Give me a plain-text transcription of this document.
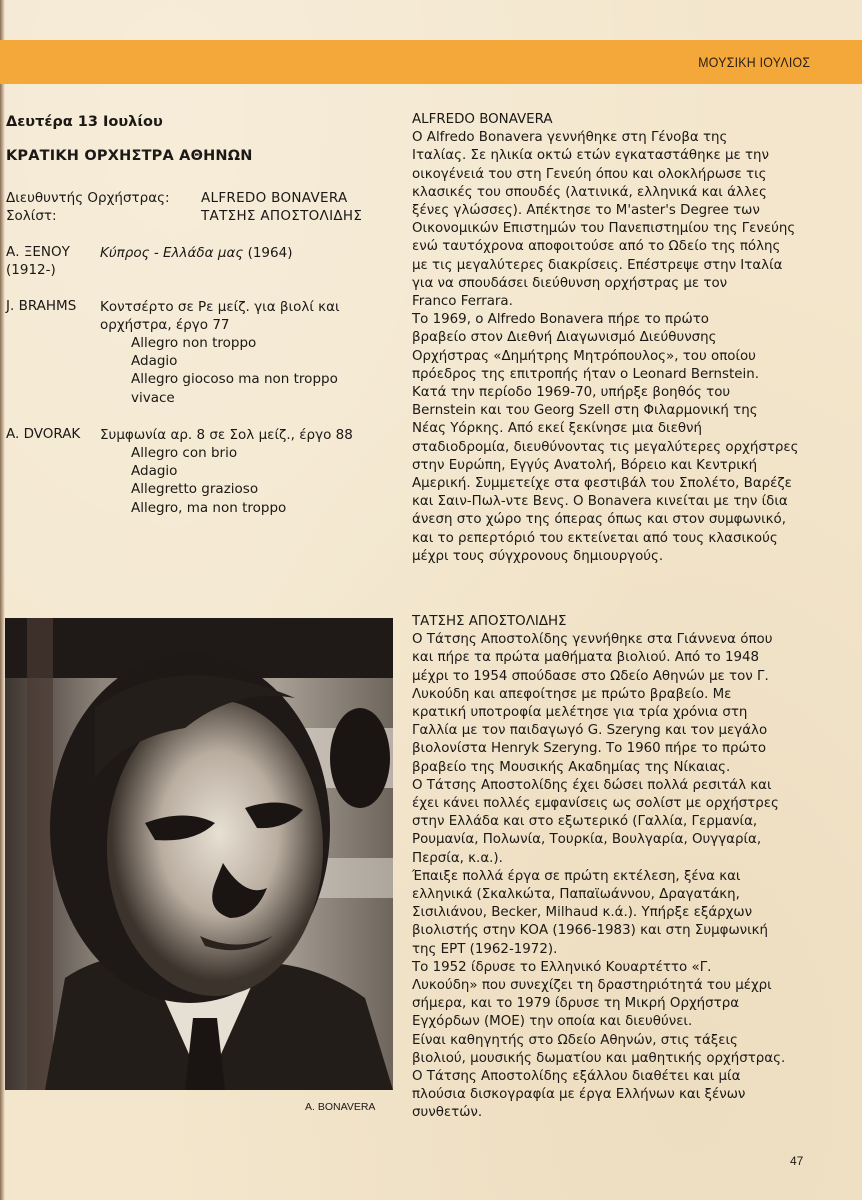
ΜΟΥΣΙΚΗ ΙΟΥΛΙΟΣ
Δευτέρα 13 Ιουλίου
ΚΡΑΤΙΚΗ ΟΡΧΗΣΤΡΑ ΑΘΗΝΩΝ
Διευθυντής Ορχήστρας: ALFREDO BONAVERA
Σολίστ:	ΤΑΤΣΗΣ ΑΠΟΣΤΟΛΙΔΗΣ
Α. ΞΕΝΟΥ
(1912-)
Κύπρος - Ελλάδα μας (1964)
J. BRAHMS Κοντσέρτο σε Ρε μείζ. για βιολί και
ορχήστρα, έργο 77
Allegro non troppo
Adagio
Allegro giocoso ma non troppo
vivace
A. DVORAK Συμφωνία αρ. 8 σε Σολ μείζ., έργο 88
Allegro con brio
Adagio
Allegretto grazioso
Allegro, ma non troppo
ALFREDO BONAVERA

Ο Alfredo Bonavera γεννήθηκε στη Γένοβα της
Ιταλίας. Σε ηλικία οκτώ ετών εγκαταστάθηκε με την
οικογένειά του στη Γενεύη όπου και ολοκλήρωσε τις
κλασικές του σπουδές (λατινικά, ελληνικά και άλλες
ξένες γλώσσες). Απέκτησε το M'aster's Degree των
Οικονομικών Επιστημών του Πανεπιστημίου της Γενεύης
ενώ ταυτόχρονα αποφοιτούσε από το Ωδείο της πόλης
με τις μεγαλύτερες διακρίσεις. Επέστρεψε στην Ιταλία
για να σπουδάσει διεύθυνση ορχήστρας με τον
Franco Ferrara.
Το 1969, ο Alfredo Bonavera πήρε το πρώτο
βραβείο στον Διεθνή Διαγωνισμό Διεύθυνσης
Ορχήστρας «Δημήτρης Μητρόπουλος», του οποίου
πρόεδρος της επιτροπής ήταν ο Leonard Bernstein.
Κατά την περίοδο 1969-70, υπήρξε βοηθός του
Bernstein και του Georg Szell στη Φιλαρμονική της
Νέας Υόρκης. Από εκεί ξεκίνησε μια διεθνή
σταδιοδρομία, διευθύνοντας τις μεγαλύτερες ορχήστρες
στην Ευρώπη, Εγγύς Ανατολή, Βόρειο και Κεντρική
Αμερική. Συμμετείχε στα φεστιβάλ του Σπολέτο, Βαρέζε
και Σαιν-Πωλ-ντε Βενς. Ο Bonavera κινείται με την ίδια
άνεση στο χώρο της όπερας όπως και στον συμφωνικό,
και το ρεπερτόριό του εκτείνεται από τους κλασικούς
μέχρι τους σύγχρονους δημιουργούς.

ΤΑΤΣΗΣ ΑΠΟΣΤΟΛΙΔΗΣ

Ο Τάτσης Αποστολίδης γεννήθηκε στα Γιάννενα όπου
και πήρε τα πρώτα μαθήματα βιολιού. Από το 1948
μέχρι το 1954 σπούδασε στο Ωδείο Αθηνών με τον Γ.
Λυκούδη και απεφοίτησε με πρώτο βραβείο. Με
κρατική υποτροφία μελέτησε για τρία χρόνια στη
Γαλλία με τον παιδαγωγό G. Szeryng και τον μεγάλο
βιολονίστα Henryk Szeryng. Το 1960 πήρε το πρώτο
βραβείο της Μουσικής Ακαδημίας της Νίκαιας.
Ο Τάτσης Αποστολίδης έχει δώσει πολλά ρεσιτάλ και
έχει κάνει πολλές εμφανίσεις ως σολίστ με ορχήστρες
στην Ελλάδα και στο εξωτερικό (Γαλλία, Γερμανία,
Ρουμανία, Πολωνία, Τουρκία, Βουλγαρία, Ουγγαρία,
Περσία, κ.α.).
Έπαιξε πολλά έργα σε πρώτη εκτέλεση, ξένα και
ελληνικά (Σκαλκώτα, Παπαϊωάννου, Δραγατάκη,
Σισιλιάνου, Becker, Milhaud κ.ά.). Υπήρξε εξάρχων
βιολιστής στην ΚΟΑ (1966-1983) και στη Συμφωνική
της ΕΡΤ (1962-1972).
Το 1952 ίδρυσε το Ελληνικό Κουαρτέττο «Γ.
Λυκούδη» που συνεχίζει τη δραστηριότητά του μέχρι
σήμερα, και το 1979 ίδρυσε τη Μικρή Ορχήστρα
Εγχόρδων (ΜΟΕ) την οποία και διευθύνει.
Είναι καθηγητής στο Ωδείο Αθηνών, στις τάξεις
βιολιού, μουσικής δωματίου και μαθητικής ορχήστρας.
Ο Τάτσης Αποστολίδης εξάλλου διαθέτει και μία
πλούσια δισκογραφία με έργα Ελλήνων και ξένων
συνθετών.

A. BONAVERA
47
